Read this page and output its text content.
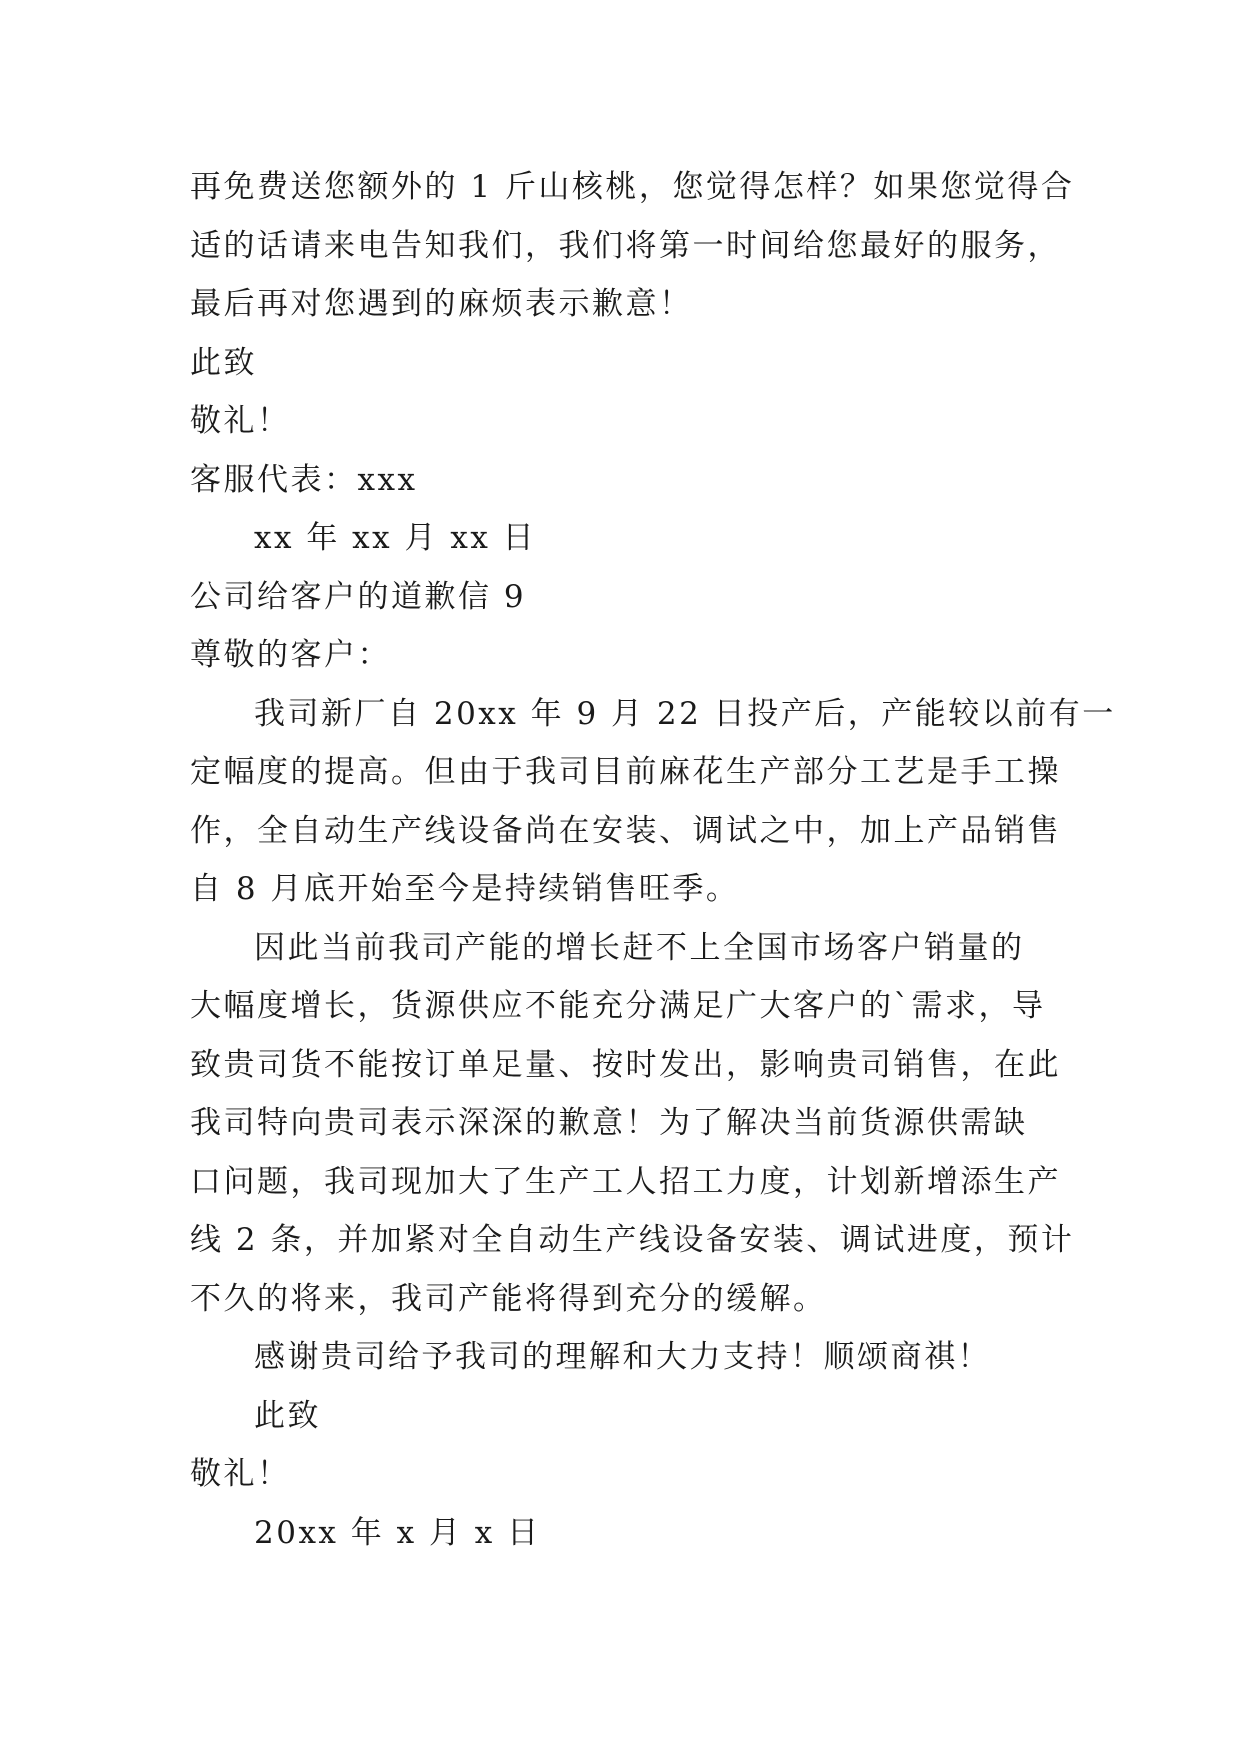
再免费送您额外的 1 斤山核桃，您觉得怎样？如果您觉得合
适的话请来电告知我们，我们将第一时间给您最好的服务，
最后再对您遇到的麻烦表示歉意！
此致
敬礼！
客服代表：xxx
xx 年 xx 月 xx 日
公司给客户的道歉信 9
尊敬的客户：
我司新厂自 20xx 年 9 月 22 日投产后，产能较以前有一
定幅度的提高。但由于我司目前麻花生产部分工艺是手工操
作，全自动生产线设备尚在安装、调试之中，加上产品销售
自 8 月底开始至今是持续销售旺季。
因此当前我司产能的增长赶不上全国市场客户销量的
大幅度增长，货源供应不能充分满足广大客户的`需求，导
致贵司货不能按订单足量、按时发出，影响贵司销售，在此
我司特向贵司表示深深的歉意！为了解决当前货源供需缺
口问题，我司现加大了生产工人招工力度，计划新增添生产
线 2 条，并加紧对全自动生产线设备安装、调试进度，预计
不久的将来，我司产能将得到充分的缓解。
感谢贵司给予我司的理解和大力支持！顺颂商祺！
此致
敬礼！
20xx 年 x 月 x 日
